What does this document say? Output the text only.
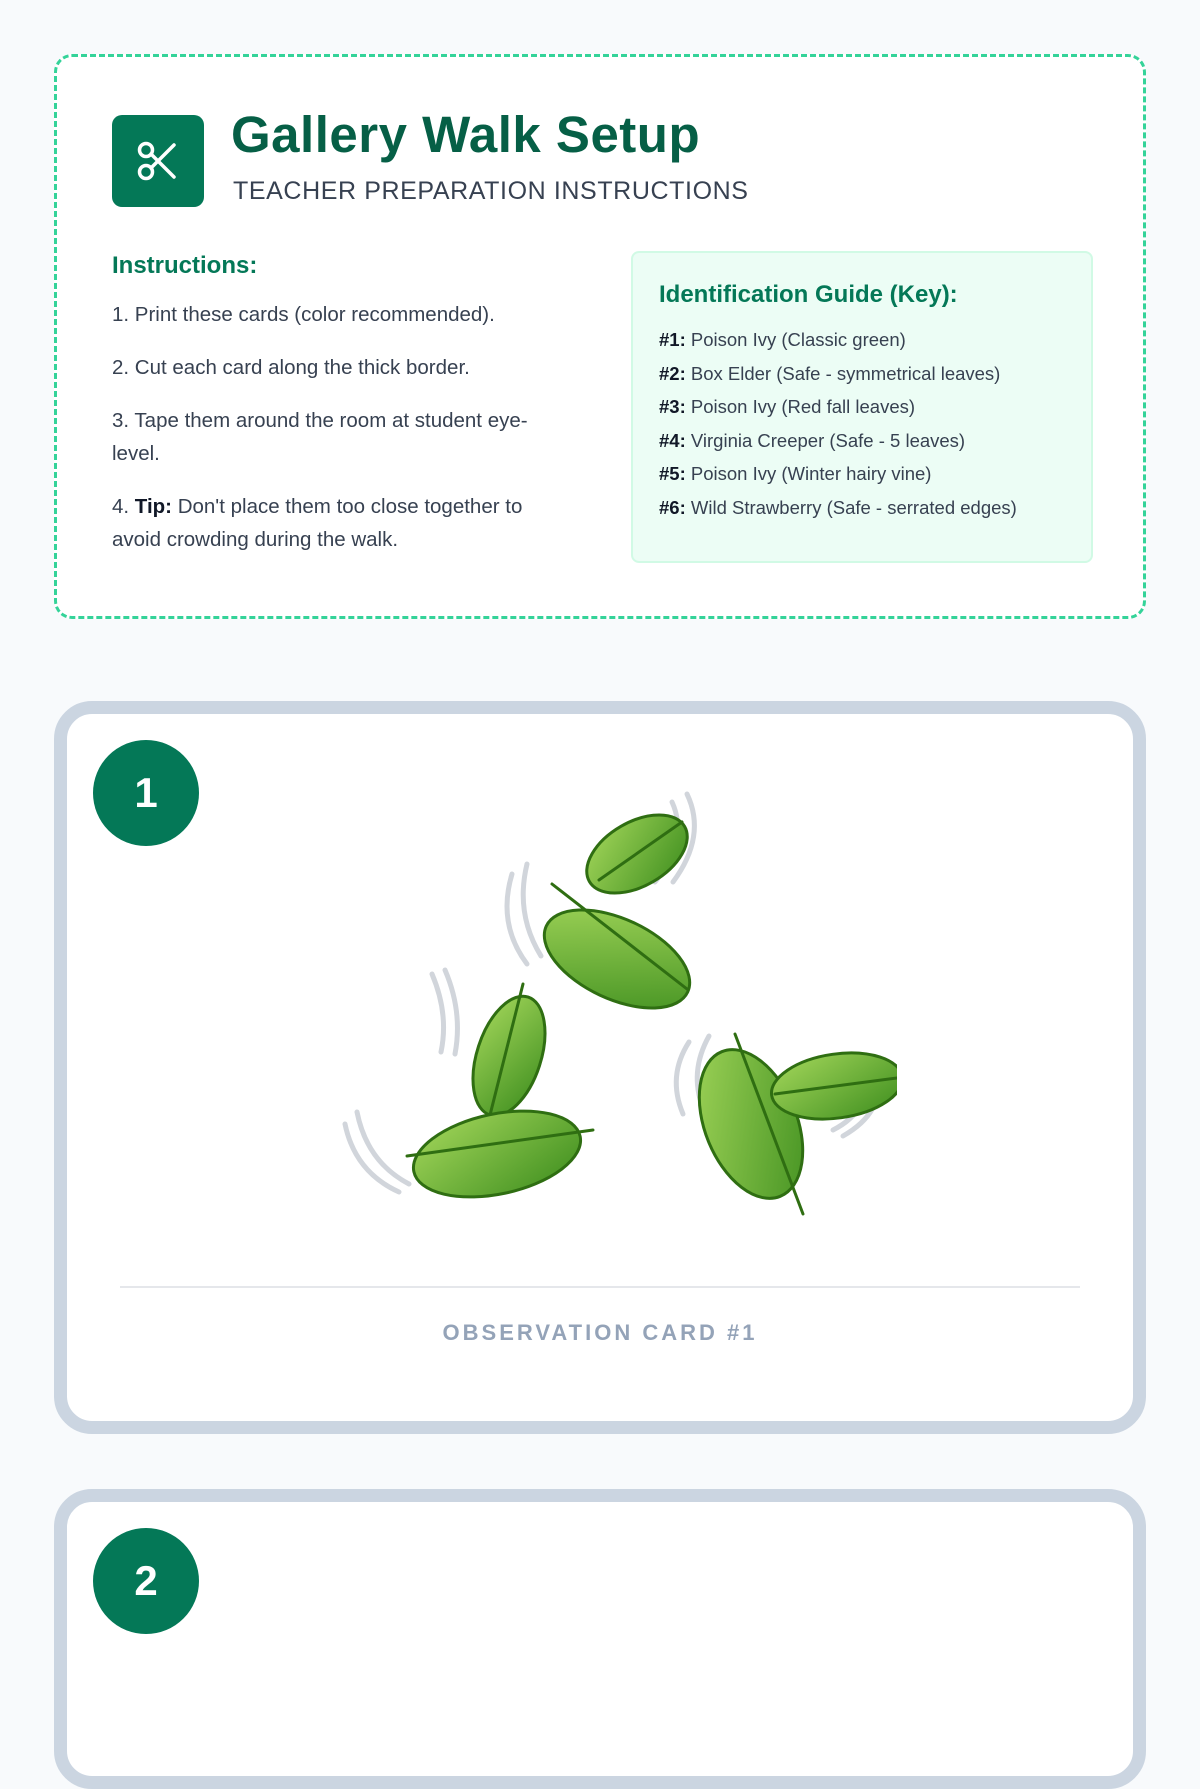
Gallery Walk Setup
TEACHER PREPARATION INSTRUCTIONS
Instructions:

1. Print these cards (color recommended).

2. Cut each card along the thick border.

3. Tape them around the room at student eye-level.

4. Tip: Don't place them too close together to avoid crowding during the walk.

Identification Guide (Key):
#1: Poison Ivy (Classic green)
#2: Box Elder (Safe - symmetrical leaves)
#3: Poison Ivy (Red fall leaves)
#4: Virginia Creeper (Safe - 5 leaves)
#5: Poison Ivy (Winter hairy vine)
#6: Wild Strawberry (Safe - serrated edges)
1
OBSERVATION CARD #1
2
